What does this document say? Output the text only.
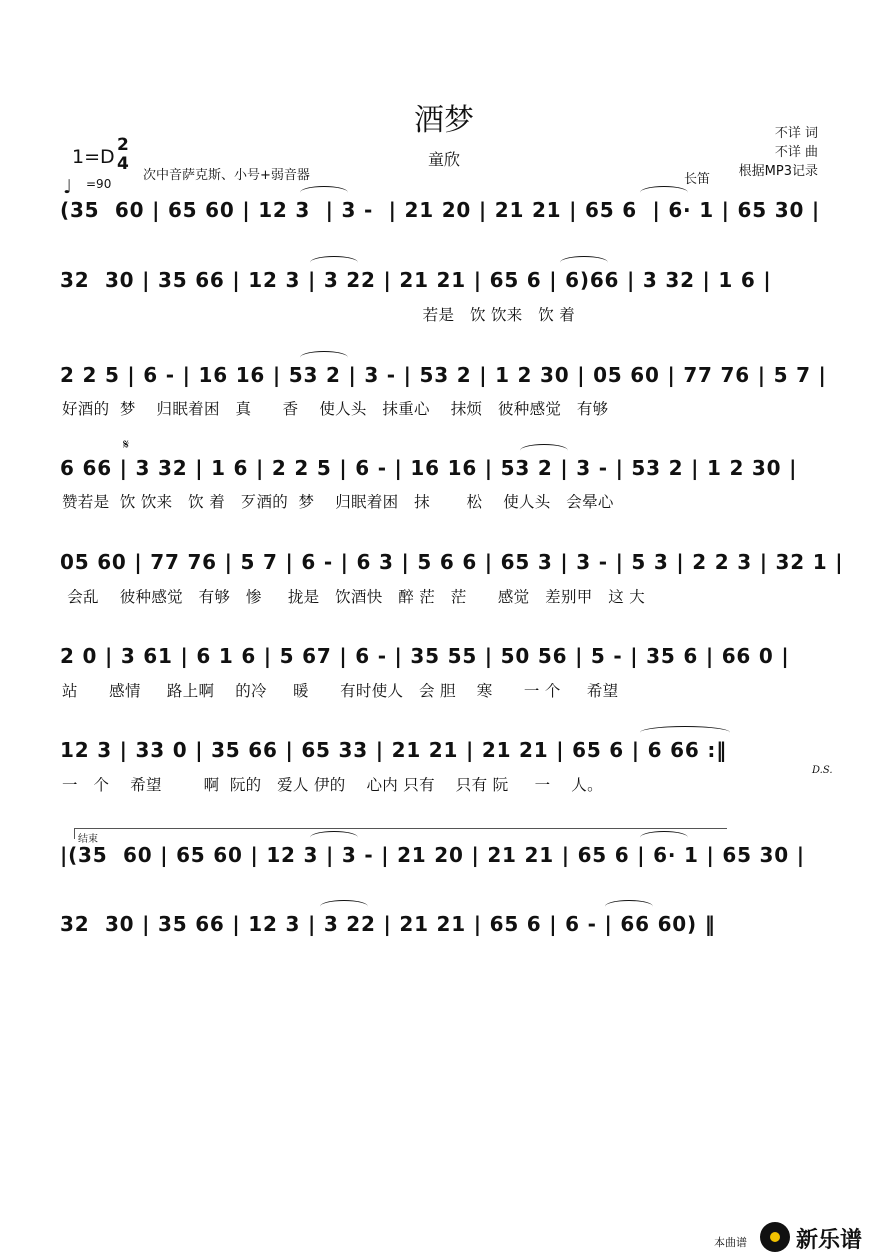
酒梦
童欣
不详 词
不详 曲
根据MP3记录
1=D
2
4
次中音萨克斯、小号+弱音器
♩ =90	长笛
(35  60 | 65 60 | 12 3  | 3 -  | 21 20 | 21 21 | 65 6  | 6· 1 | 65 30 |
32  30 | 35 66 | 12 3 | 3 22 | 21 21 | 65 6 | 6)66 | 3 32 | 1 6 |
若是   饮 饮来   饮 着
2 2 5 | 6 - | 16 16 | 53 2 | 3 - | 53 2 | 1 2 30 | 05 60 | 77 76 | 5 7 |
好酒的  梦    归眠着困   真      香    使人头   抹重心    抹烦   彼种感觉   有够
𝄋
6 66 | 3 32 | 1 6 | 2 2 5 | 6 - | 16 16 | 53 2 | 3 - | 53 2 | 1 2 30 |
赞若是  饮 饮来   饮 着   歹酒的  梦    归眠着困   抹       松    使人头   会晕心
05 60 | 77 76 | 5 7 | 6 - | 6 3 | 5 6 6 | 65 3 | 3 - | 5 3 | 2 2 3 | 32 1 |
会乱    彼种感觉   有够   惨     拢是   饮酒快   醉 茫   茫      感觉   差别甲   这 大
2 0 | 3 61 | 6 1 6 | 5 67 | 6 - | 35 55 | 50 56 | 5 - | 35 6 | 66 0 |
站      感情     路上啊    的冷     暖      有时使人   会 胆    寒      一 个     希望
12 3 | 33 0 | 35 66 | 65 33 | 21 21 | 21 21 | 65 6 | 6 66 :‖
一   个    希望        啊  阮的   爱人 伊的    心内 只有    只有 阮     一    人。
D.S.
结束
|(35  60 | 65 60 | 12 3 | 3 - | 21 20 | 21 21 | 65 6 | 6· 1 | 65 30 |
32  30 | 35 66 | 12 3 | 3 22 | 21 21 | 65 6 | 6 - | 66 60) ‖
本曲谱 新乐谱
